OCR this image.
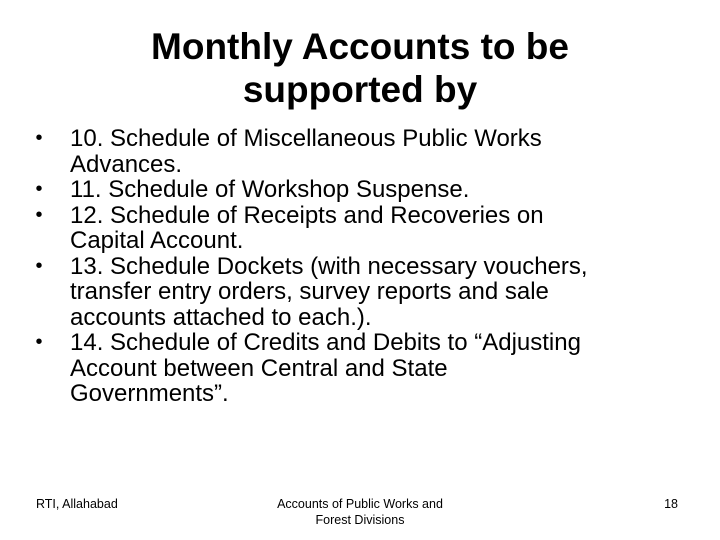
Monthly Accounts to be
supported by
• 10. Schedule of Miscellaneous Public Works
Advances.
• 11. Schedule of Workshop Suspense.
• 12. Schedule of Receipts and Recoveries on
Capital Account.
• 13. Schedule Dockets (with necessary vouchers,
transfer entry orders, survey reports and sale
accounts attached to each.).
• 14. Schedule of Credits and Debits to “Adjusting
Account between Central and State
Governments”.
RTI, Allahabad	Accounts of Public Works and
Forest Divisions
18
